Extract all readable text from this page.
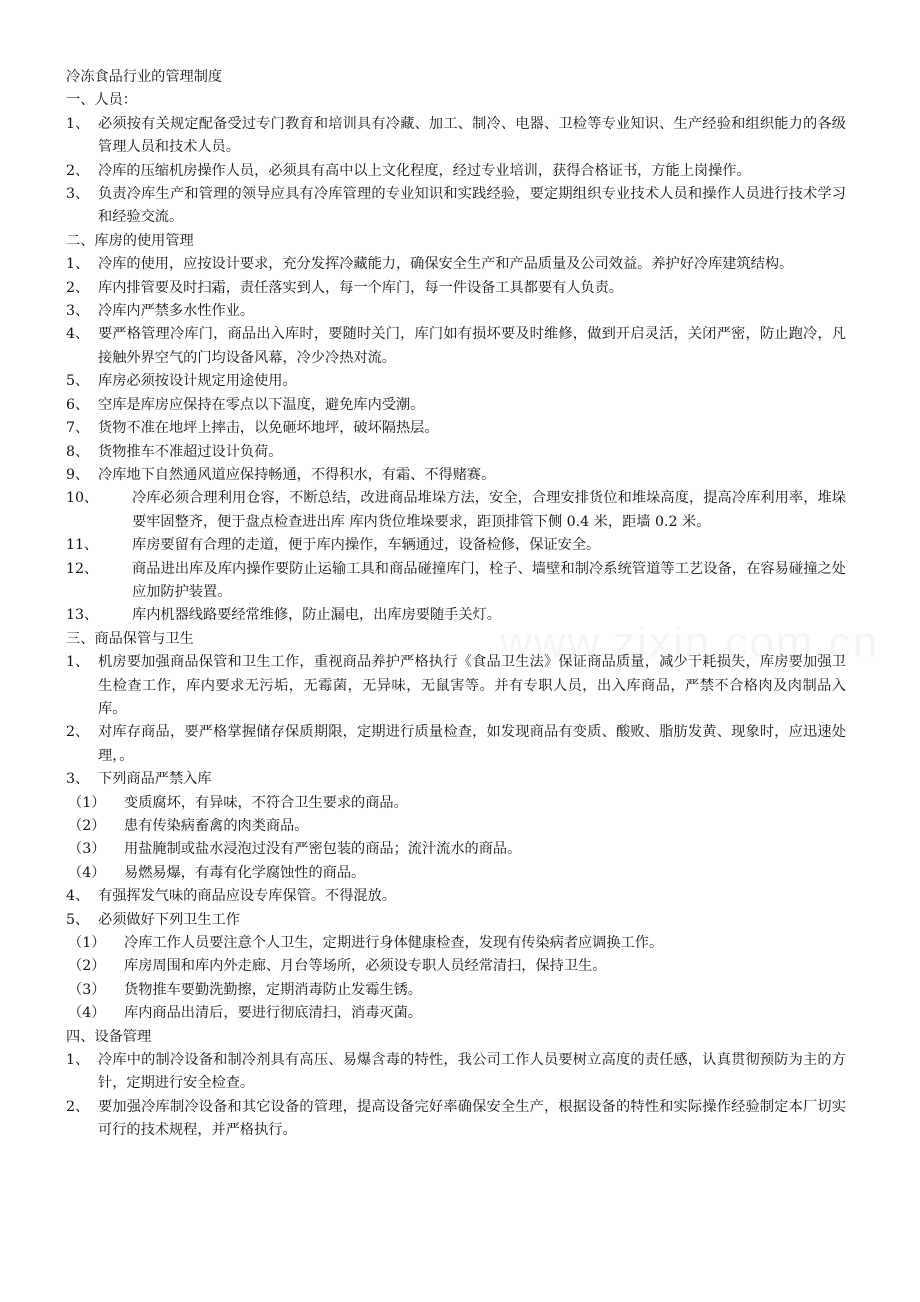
冷冻食品行业的管理制度
一、人员：
1、 必须按有关规定配备受过专门教育和培训具有冷藏、加工、制冷、电器、卫检等专业知识、生产经验和组织能力的各级管理人员和技术人员。
2、 冷库的压缩机房操作人员，必须具有高中以上文化程度，经过专业培训，获得合格证书，方能上岗操作。
3、 负责冷库生产和管理的领导应具有冷库管理的专业知识和实践经验，要定期组织专业技术人员和操作人员进行技术学习和经验交流。
二、库房的使用管理
1、 冷库的使用，应按设计要求，充分发挥冷藏能力，确保安全生产和产品质量及公司效益。养护好冷库建筑结构。
2、 库内排管要及时扫霜，责任落实到人，每一个库门，每一件设备工具都要有人负责。
3、 冷库内严禁多水性作业。
4、 要严格管理冷库门，商品出入库时，要随时关门，库门如有损坏要及时维修，做到开启灵活，关闭严密，防止跑冷，凡接触外界空气的门均设备风幕，冷少冷热对流。
5、 库房必须按设计规定用途使用。
6、 空库是库房应保持在零点以下温度，避免库内受潮。
7、 货物不准在地坪上摔击，以免砸坏地坪，破坏隔热层。
8、 货物推车不准超过设计负荷。
9、 冷库地下自然通风道应保持畅通，不得积水，有霜、不得赌赛。
10、	冷库必须合理利用仓容，不断总结，改进商品堆垛方法，安全，合理安排货位和堆垛高度，提高冷库利用率，堆垛要牢固整齐，便于盘点检查进出库 库内货位堆垛要求，距顶排管下侧 0.4 米，距墙 0.2 米。
11、	库房要留有合理的走道，便于库内操作，车辆通过，设备检修，保证安全。
12、	商品进出库及库内操作要防止运输工具和商品碰撞库门，栓子、墙壁和制冷系统管道等工艺设备，在容易碰撞之处应加防护装置。
13、	库内机器线路要经常维修，防止漏电，出库房要随手关灯。
三、商品保管与卫生
1、 机房要加强商品保管和卫生工作，重视商品养护严格执行《食品卫生法》保证商品质量，减少干耗损失，库房要加强卫生检查工作，库内要求无污垢，无霉菌，无异味，无鼠害等。并有专职人员，出入库商品，严禁不合格肉及肉制品入库。
2、 对库存商品，要严格掌握储存保质期限，定期进行质量检查，如发现商品有变质、酸败、脂肪发黄、现象时，应迅速处理，。
3、 下列商品严禁入库
（1）	变质腐坏，有异味，不符合卫生要求的商品。
（2）	患有传染病畜禽的肉类商品。
（3）	用盐腌制或盐水浸泡过没有严密包装的商品；流汁流水的商品。
（4）	易燃易爆，有毒有化学腐蚀性的商品。
4、 有强挥发气味的商品应设专库保管。不得混放。
5、 必须做好下列卫生工作
（1）	冷库工作人员要注意个人卫生，定期进行身体健康检查，发现有传染病者应调换工作。
（2）	库房周围和库内外走廊、月台等场所，必须设专职人员经常清扫，保持卫生。
（3）	货物推车要勤洗勤擦，定期消毒防止发霉生锈。
（4）	库内商品出清后，要进行彻底清扫，消毒灭菌。
四、设备管理
1、 冷库中的制冷设备和制冷剂具有高压、易爆含毒的特性，我公司工作人员要树立高度的责任感，认真贯彻预防为主的方针，定期进行安全检查。
2、 要加强冷库制冷设备和其它设备的管理，提高设备完好率确保安全生产，根据设备的特性和实际操作经验制定本厂切实可行的技术规程，并严格执行。
